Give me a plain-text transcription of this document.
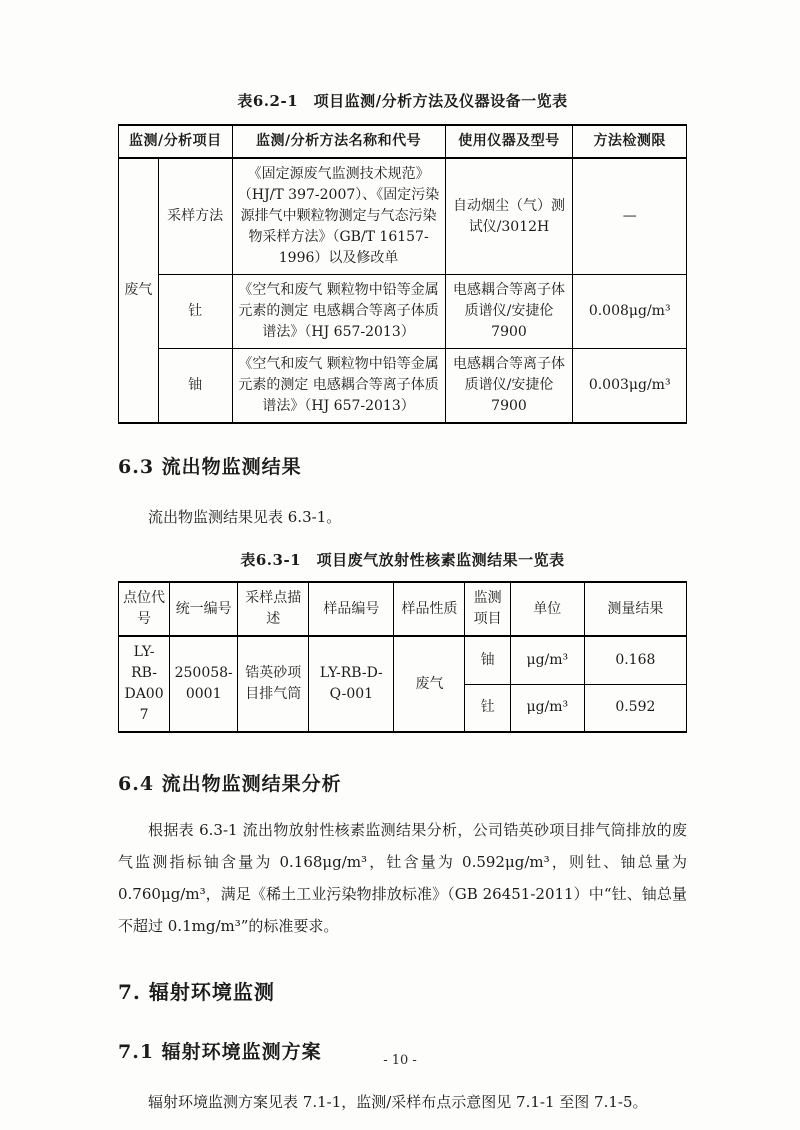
表6.2-1　项目监测/分析方法及仪器设备一览表
监测/分析项目		监测/分析方法名称和代号	使用仪器及型号	方法检测限
废气	采样方法	《固定源废气监测技术规范》（HJ/T 397-2007）、《固定污染源排气中颗粒物测定与气态污染物采样方法》（GB/T 16157-1996）以及修改单	自动烟尘（气）测试仪/3012H	—
	钍	《空气和废气 颗粒物中铅等金属元素的测定 电感耦合等离子体质谱法》（HJ 657-2013）	电感耦合等离子体质谱仪/安捷伦 7900	0.008μg/m³
	铀	《空气和废气 颗粒物中铅等金属元素的测定 电感耦合等离子体质谱法》（HJ 657-2013）	电感耦合等离子体质谱仪/安捷伦 7900	0.003μg/m³
6.3 流出物监测结果

流出物监测结果见表 6.3-1。

表6.3-1　项目废气放射性核素监测结果一览表
点位代号	统一编号	采样点描述	样品编号	样品性质	监测项目	单位	测量结果
LY-RB-DA007	250058-0001	锆英砂项目排气筒	LY-RB-D-Q-001	废气	铀	μg/m³	0.168
					钍	μg/m³	0.592
6.4 流出物监测结果分析

根据表 6.3-1 流出物放射性核素监测结果分析，公司锆英砂项目排气筒排放的废气监测指标铀含量为 0.168μg/m³，钍含量为 0.592μg/m³，则钍、铀总量为 0.760μg/m³，满足《稀土工业污染物排放标准》（GB 26451-2011）中“钍、铀总量不超过 0.1mg/m³”的标准要求。

7. 辐射环境监测
7.1 辐射环境监测方案

辐射环境监测方案见表 7.1-1，监测/采样布点示意图见 7.1-1 至图 7.1-5。

- 10 -
